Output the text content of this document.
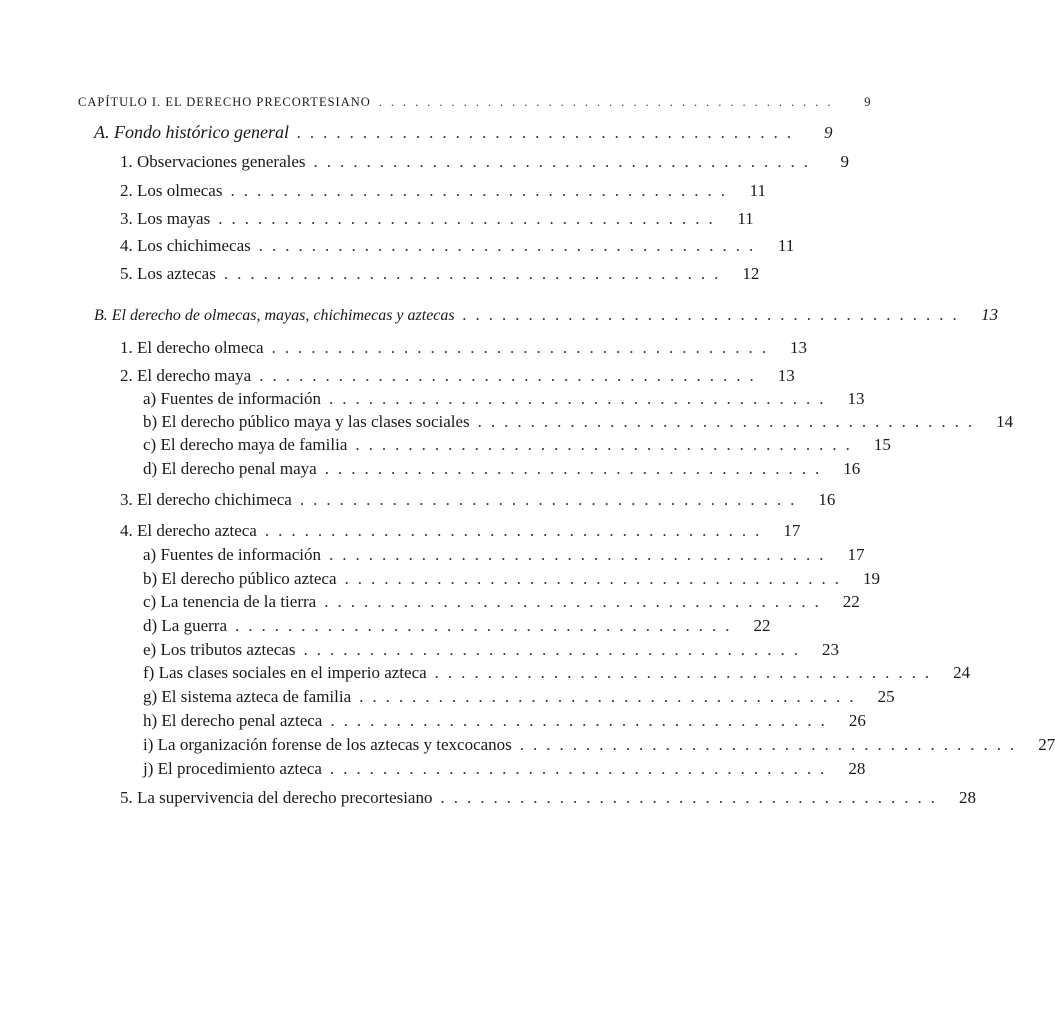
CAPÍTULO I. EL DERECHO PRECORTESIANO ......................................	9
A. Fondo histórico general ......................................	9
1. Observaciones generales ......................................	9
2. Los olmecas ...................................... 11
3. Los mayas ...................................... 11
4. Los chichimecas ...................................... 11
5. Los aztecas ...................................... 12
B. El derecho de olmecas, mayas, chichimecas y aztecas ...................................... 13
1. El derecho olmeca ...................................... 13
2. El derecho maya ...................................... 13
a) Fuentes de información ...................................... 13
b) El derecho público maya y las clases sociales ...................................... 14
c) El derecho maya de familia ...................................... 15
d) El derecho penal maya ...................................... 16
3. El derecho chichimeca ...................................... 16
4. El derecho azteca ...................................... 17
a) Fuentes de información ...................................... 17
b) El derecho público azteca ...................................... 19
c) La tenencia de la tierra ...................................... 22
d) La guerra ...................................... 22
e) Los tributos aztecas ...................................... 23
f) Las clases sociales en el imperio azteca ...................................... 24
g) El sistema azteca de familia ...................................... 25
h) El derecho penal azteca ...................................... 26
i) La organización forense de los aztecas y texcocanos ...................................... 27
j) El procedimiento azteca ...................................... 28
5. La supervivencia del derecho precortesiano ...................................... 28
